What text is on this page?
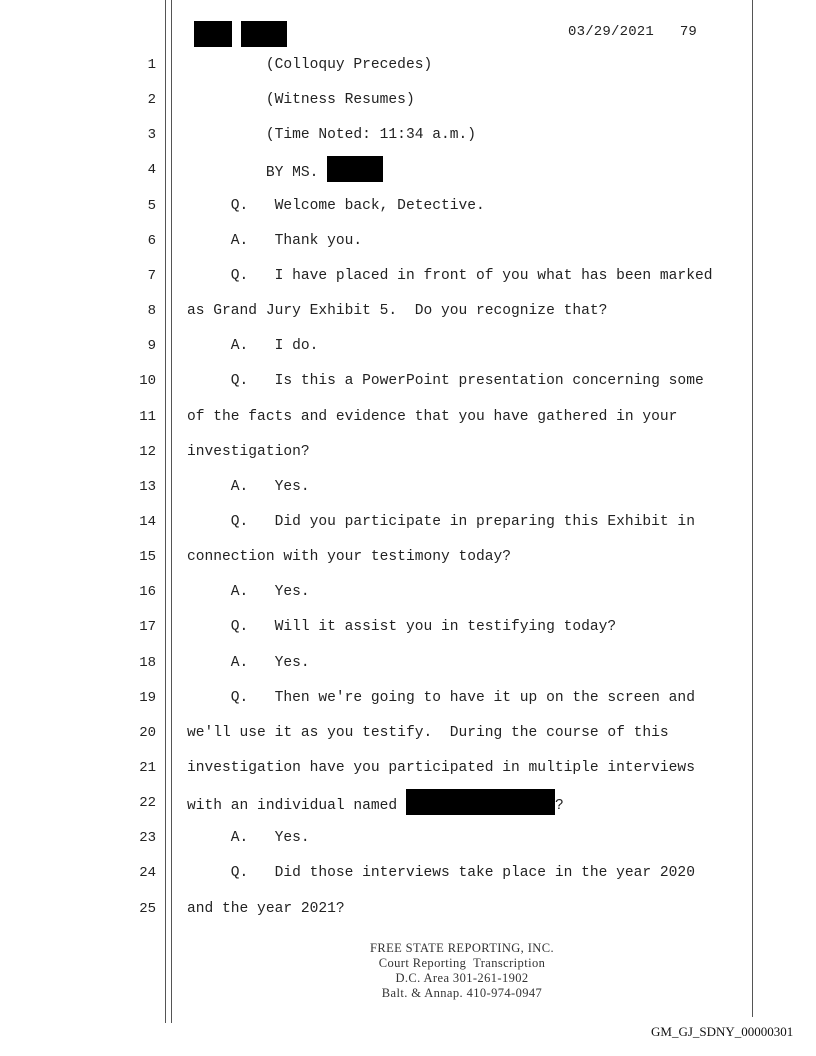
03/29/2021 79
1 (Colloquy Precedes)
2 (Witness Resumes)
3 (Time Noted: 11:34 a.m.)
4 BY MS.
5 Q.   Welcome back, Detective.
6 A.   Thank you.
7 Q.   I have placed in front of you what has been marked
8 as Grand Jury Exhibit 5.  Do you recognize that?
9 A.   I do.
10 Q.   Is this a PowerPoint presentation concerning some
11 of the facts and evidence that you have gathered in your
12 investigation?
13 A.   Yes.
14 Q.   Did you participate in preparing this Exhibit in
15 connection with your testimony today?
16 A.   Yes.
17 Q.   Will it assist you in testifying today?
18 A.   Yes.
19 Q.   Then we're going to have it up on the screen and
20 we'll use it as you testify.  During the course of this
21 investigation have you participated in multiple interviews
22 with an individual named	?
23 A.   Yes.
24 Q.   Did those interviews take place in the year 2020
25 and the year 2021?
FREE STATE REPORTING, INC.
Court Reporting  Transcription
D.C. Area 301-261-1902
Balt. & Annap. 410-974-0947
GM_GJ_SDNY_00000301
